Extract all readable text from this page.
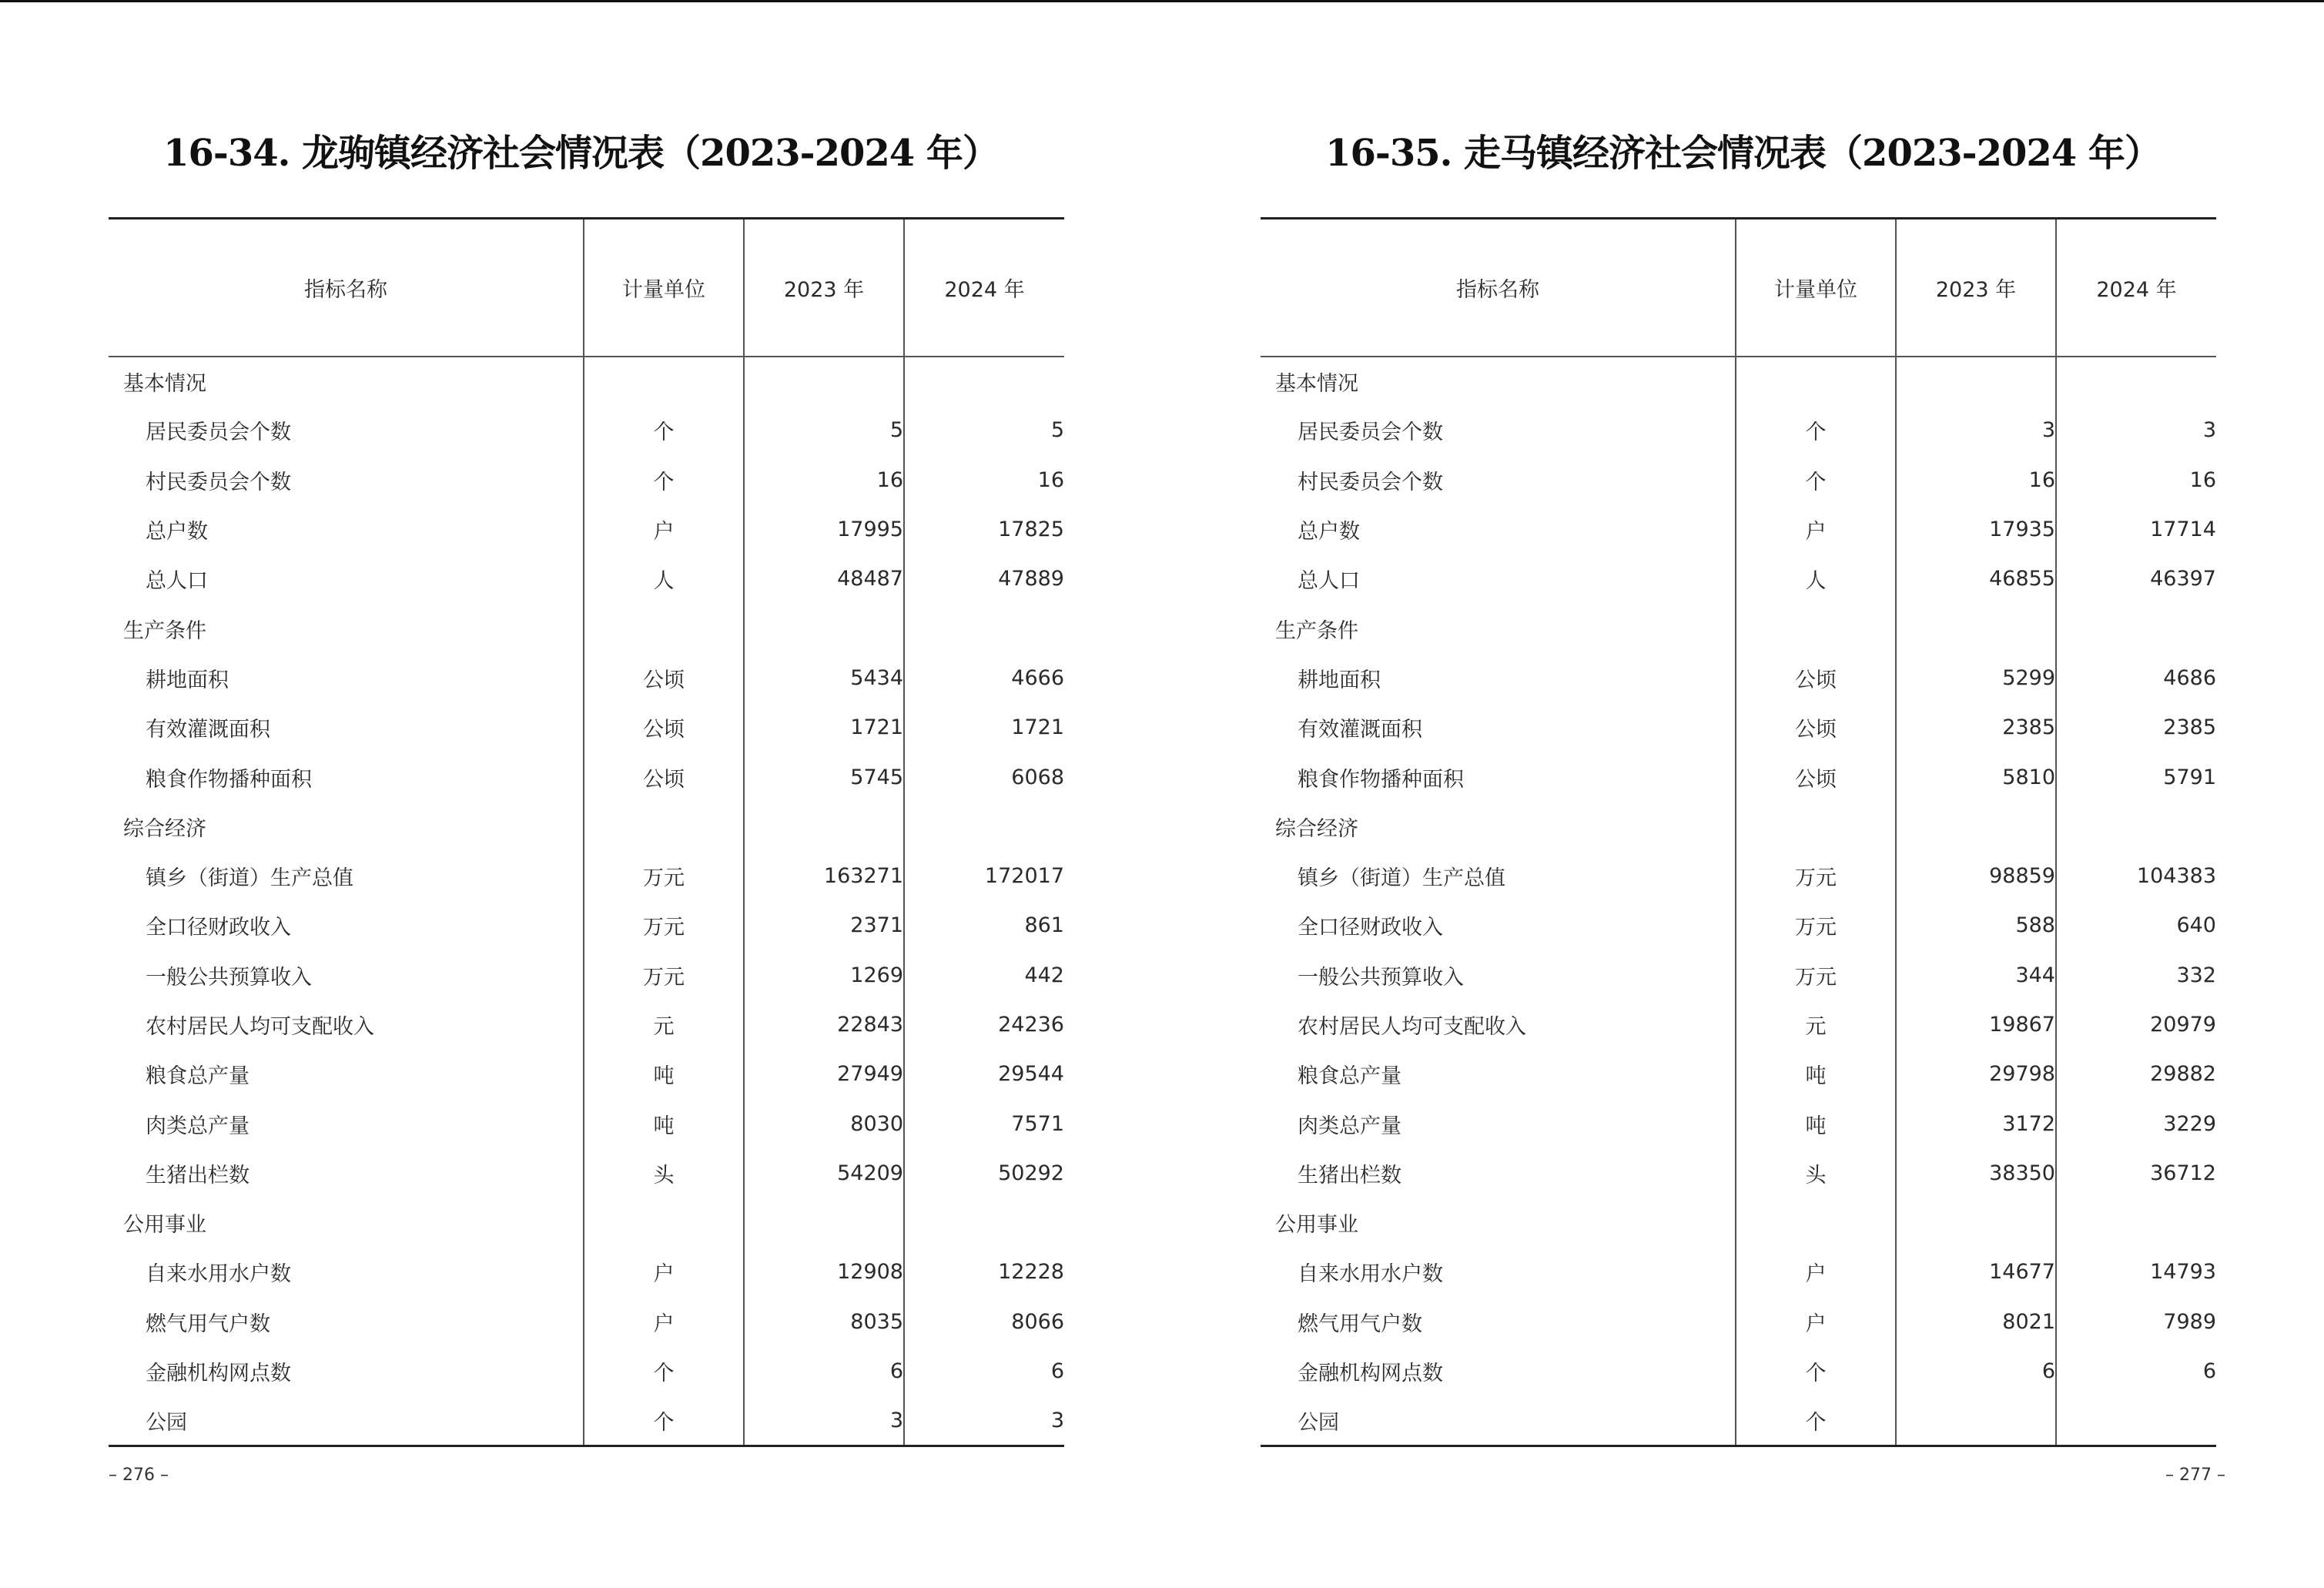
16-34. 龙驹镇经济社会情况表（2023-2024 年）
指标名称	计量单位	2023 年	2024 年
基本情况			
居民委员会个数	个	5	5
村民委员会个数	个	16	16
总户数	户	17995	17825
总人口	人	48487	47889
生产条件			
耕地面积	公顷	5434	4666
有效灌溉面积	公顷	1721	1721
粮食作物播种面积	公顷	5745	6068
综合经济			
镇乡（街道）生产总值	万元	163271	172017
全口径财政收入	万元	2371	861
一般公共预算收入	万元	1269	442
农村居民人均可支配收入	元	22843	24236
粮食总产量	吨	27949	29544
肉类总产量	吨	8030	7571
生猪出栏数	头	54209	50292
公用事业			
自来水用水户数	户	12908	12228
燃气用气户数	户	8035	8066
金融机构网点数	个	6	6
公园	个	3	3
– 276 –
16-35. 走马镇经济社会情况表（2023-2024 年）
指标名称	计量单位	2023 年	2024 年
基本情况			
居民委员会个数	个	3	3
村民委员会个数	个	16	16
总户数	户	17935	17714
总人口	人	46855	46397
生产条件			
耕地面积	公顷	5299	4686
有效灌溉面积	公顷	2385	2385
粮食作物播种面积	公顷	5810	5791
综合经济			
镇乡（街道）生产总值	万元	98859	104383
全口径财政收入	万元	588	640
一般公共预算收入	万元	344	332
农村居民人均可支配收入	元	19867	20979
粮食总产量	吨	29798	29882
肉类总产量	吨	3172	3229
生猪出栏数	头	38350	36712
公用事业			
自来水用水户数	户	14677	14793
燃气用气户数	户	8021	7989
金融机构网点数	个	6	6
公园	个		
– 277 –
